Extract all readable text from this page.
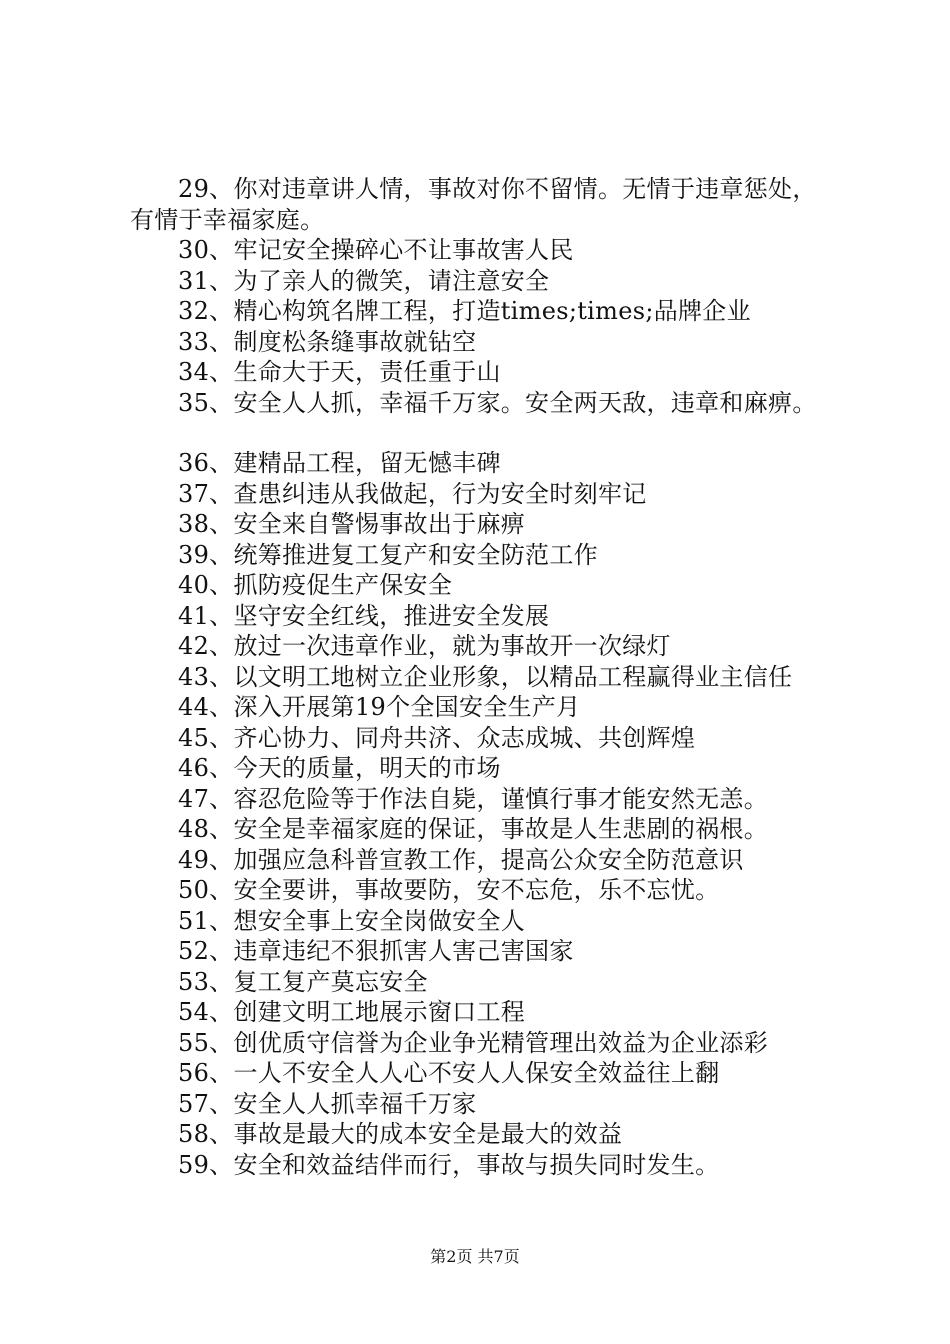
29、你对违章讲人情，事故对你不留情。无情于违章惩处，
有情于幸福家庭。
30、牢记安全操碎心不让事故害人民
31、为了亲人的微笑，请注意安全
32、精心构筑名牌工程，打造times;times;品牌企业
33、制度松条缝事故就钻空
34、生命大于天，责任重于山
35、安全人人抓，幸福千万家。安全两天敌，违章和麻痹。
36、建精品工程，留无憾丰碑
37、查患纠违从我做起，行为安全时刻牢记
38、安全来自警惕事故出于麻痹
39、统筹推进复工复产和安全防范工作
40、抓防疫促生产保安全
41、坚守安全红线，推进安全发展
42、放过一次违章作业，就为事故开一次绿灯
43、以文明工地树立企业形象，以精品工程赢得业主信任
44、深入开展第19个全国安全生产月
45、齐心协力、同舟共济、众志成城、共创辉煌
46、今天的质量，明天的市场
47、容忍危险等于作法自毙，谨慎行事才能安然无恙。
48、安全是幸福家庭的保证，事故是人生悲剧的祸根。
49、加强应急科普宣教工作，提高公众安全防范意识
50、安全要讲，事故要防，安不忘危，乐不忘忧。
51、想安全事上安全岗做安全人
52、违章违纪不狠抓害人害己害国家
53、复工复产莫忘安全
54、创建文明工地展示窗口工程
55、创优质守信誉为企业争光精管理出效益为企业添彩
56、一人不安全人人心不安人人保安全效益往上翻
57、安全人人抓幸福千万家
58、事故是最大的成本安全是最大的效益
59、安全和效益结伴而行，事故与损失同时发生。
第2页 共7页
